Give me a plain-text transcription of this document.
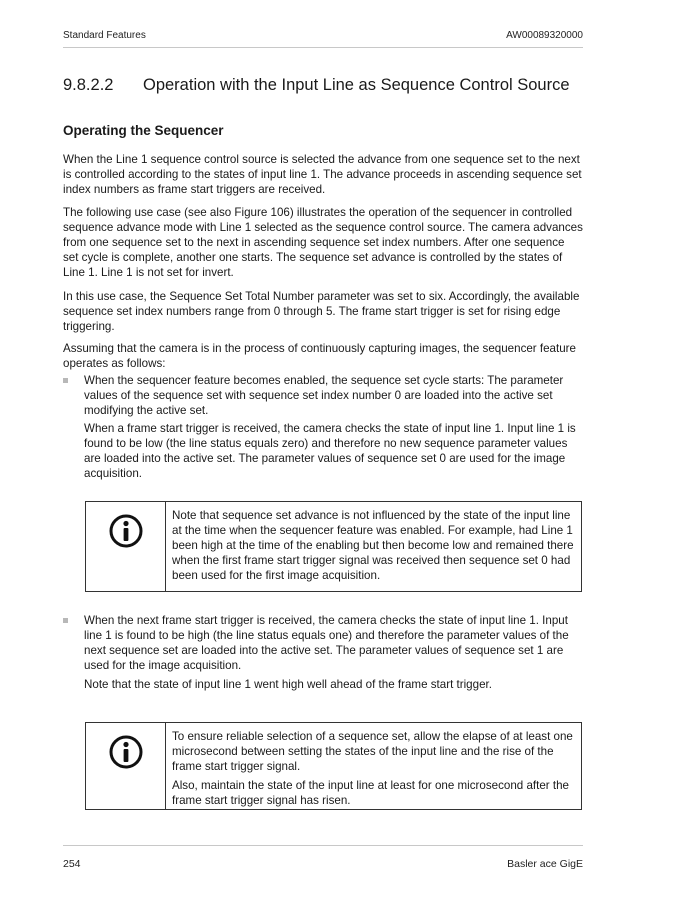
Standard Features	AW00089320000
9.8.2.2 Operation with the Input Line as Sequence Control Source
Operating the Sequencer

When the Line 1 sequence control source is selected the advance from one sequence set to the next is controlled according to the states of input line 1. The advance proceeds in ascending sequence set index numbers as frame start triggers are received.

The following use case (see also Figure 106) illustrates the operation of the sequencer in controlled sequence advance mode with Line 1 selected as the sequence control source. The camera advances from one sequence set to the next in ascending sequence set index numbers. After one sequence set cycle is complete, another one starts. The sequence set advance is controlled by the states of Line 1. Line 1 is not set for invert.

In this use case, the Sequence Set Total Number parameter was set to six. Accordingly, the available sequence set index numbers range from 0 through 5. The frame start trigger is set for rising edge triggering.

Assuming that the camera is in the process of continuously capturing images, the sequencer feature operates as follows:

When the sequencer feature becomes enabled, the sequence set cycle starts: The parameter values of the sequence set with sequence set index number 0 are loaded into the active set modifying the active set.

When a frame start trigger is received, the camera checks the state of input line 1. Input line 1 is found to be low (the line status equals zero) and therefore no new sequence parameter values are loaded into the active set. The parameter values of sequence set 0 are used for the image acquisition.

Note that sequence set advance is not influenced by the state of the input line at the time when the sequencer feature was enabled. For example, had Line 1 been high at the time of the enabling but then become low and remained there when the first frame start trigger signal was received then sequence set 0 had been used for the first image acquisition.

When the next frame start trigger is received, the camera checks the state of input line 1. Input line 1 is found to be high (the line status equals one) and therefore the parameter values of the next sequence set are loaded into the active set. The parameter values of sequence set 1 are used for the image acquisition.

Note that the state of input line 1 went high well ahead of the frame start trigger.

To ensure reliable selection of a sequence set, allow the elapse of at least one microsecond between setting the states of the input line and the rise of the frame start trigger signal.

Also, maintain the state of the input line at least for one microsecond after the frame start trigger signal has risen.

254	Basler ace GigE
